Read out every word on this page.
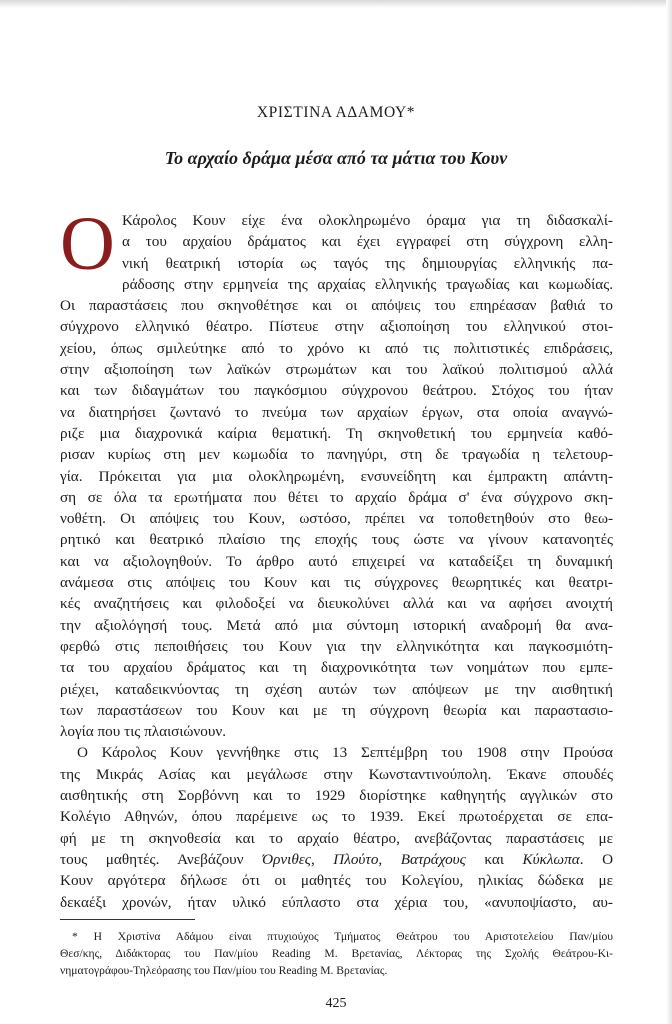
ΧΡΙΣΤΙΝΑ ΑΔΑΜΟΥ*
Το αρχαίο δράμα μέσα από τα μάτια του Κουν

Ο Κάρολος Κουν είχε ένα ολοκληρωμένο όραμα για τη διδασκαλί-
α του αρχαίου δράματος και έχει εγγραφεί στη σύγχρονη ελλη-
νική θεατρική ιστορία ως ταγός της δημιουργίας ελληνικής πα-
ράδοσης στην ερμηνεία της αρχαίας ελληνικής τραγωδίας και κωμωδίας.
Οι παραστάσεις που σκηνοθέτησε και οι απόψεις του επηρέασαν βαθιά το
σύγχρονο ελληνικό θέατρο. Πίστευε στην αξιοποίηση του ελληνικού στοι-
χείου, όπως σμιλεύτηκε από το χρόνο κι από τις πολιτιστικές επιδράσεις,
στην αξιοποίηση των λαϊκών στρωμάτων και του λαϊκού πολιτισμού αλλά
και των διδαγμάτων του παγκόσμιου σύγχρονου θεάτρου. Στόχος του ήταν
να διατηρήσει ζωντανό το πνεύμα των αρχαίων έργων, στα οποία αναγνώ-
ριζε μια διαχρονικά καίρια θεματική. Τη σκηνοθετική του ερμηνεία καθό-
ρισαν κυρίως στη μεν κωμωδία το πανηγύρι, στη δε τραγωδία η τελετουρ-
γία. Πρόκειται για μια ολοκληρωμένη, ενσυνείδητη και έμπρακτη απάντη-
ση σε όλα τα ερωτήματα που θέτει το αρχαίο δράμα σ' ένα σύγχρονο σκη-
νοθέτη. Οι απόψεις του Κουν, ωστόσο, πρέπει να τοποθετηθούν στο θεω-
ρητικό και θεατρικό πλαίσιο της εποχής τους ώστε να γίνουν κατανοητές
και να αξιολογηθούν. Το άρθρο αυτό επιχειρεί να καταδείξει τη δυναμική
ανάμεσα στις απόψεις του Κουν και τις σύγχρονες θεωρητικές και θεατρι-
κές αναζητήσεις και φιλοδοξεί να διευκολύνει αλλά και να αφήσει ανοιχτή
την αξιολόγησή τους. Μετά από μια σύντομη ιστορική αναδρομή θα ανα-
φερθώ στις πεποιθήσεις του Κουν για την ελληνικότητα και παγκοσμιότη-
τα του αρχαίου δράματος και τη διαχρονικότητα των νοημάτων που εμπε-
ριέχει, καταδεικνύοντας τη σχέση αυτών των απόψεων με την αισθητική
των παραστάσεων του Κουν και με τη σύγχρονη θεωρία και παραστασιο-
λογία που τις πλαισιώνουν.

Ο Κάρολος Κουν γεννήθηκε στις 13 Σεπτέμβρη του 1908 στην Προύσα
της Μικράς Ασίας και μεγάλωσε στην Κωνσταντινούπολη. Έκανε σπουδές
αισθητικής στη Σορβόννη και το 1929 διορίστηκε καθηγητής αγγλικών στο
Κολέγιο Αθηνών, όπου παρέμεινε ως το 1939. Εκεί πρωτοέρχεται σε επα-
φή με τη σκηνοθεσία και το αρχαίο θέατρο, ανεβάζοντας παραστάσεις με
τους μαθητές. Ανεβάζουν Όρνιθες, Πλούτο, Βατράχους και Κύκλωπα. Ο
Κουν αργότερα δήλωσε ότι οι μαθητές του Κολεγίου, ηλικίας δώδεκα με
δεκαέξι χρονών, ήταν υλικό εύπλαστο στα χέρια του, «ανυποψίαστο, αυ-

* Η Χριστίνα Αδάμου είναι πτυχιούχος Τμήματος Θεάτρου του Αριστοτελείου Παν/μίου
Θεσ/κης, Διδάκτορας του Παν/μίου Reading Μ. Βρετανίας, Λέκτορας της Σχολής Θεάτρου-Κι-
νηματογράφου-Τηλεόρασης του Παν/μίου του Reading Μ. Βρετανίας.
425
